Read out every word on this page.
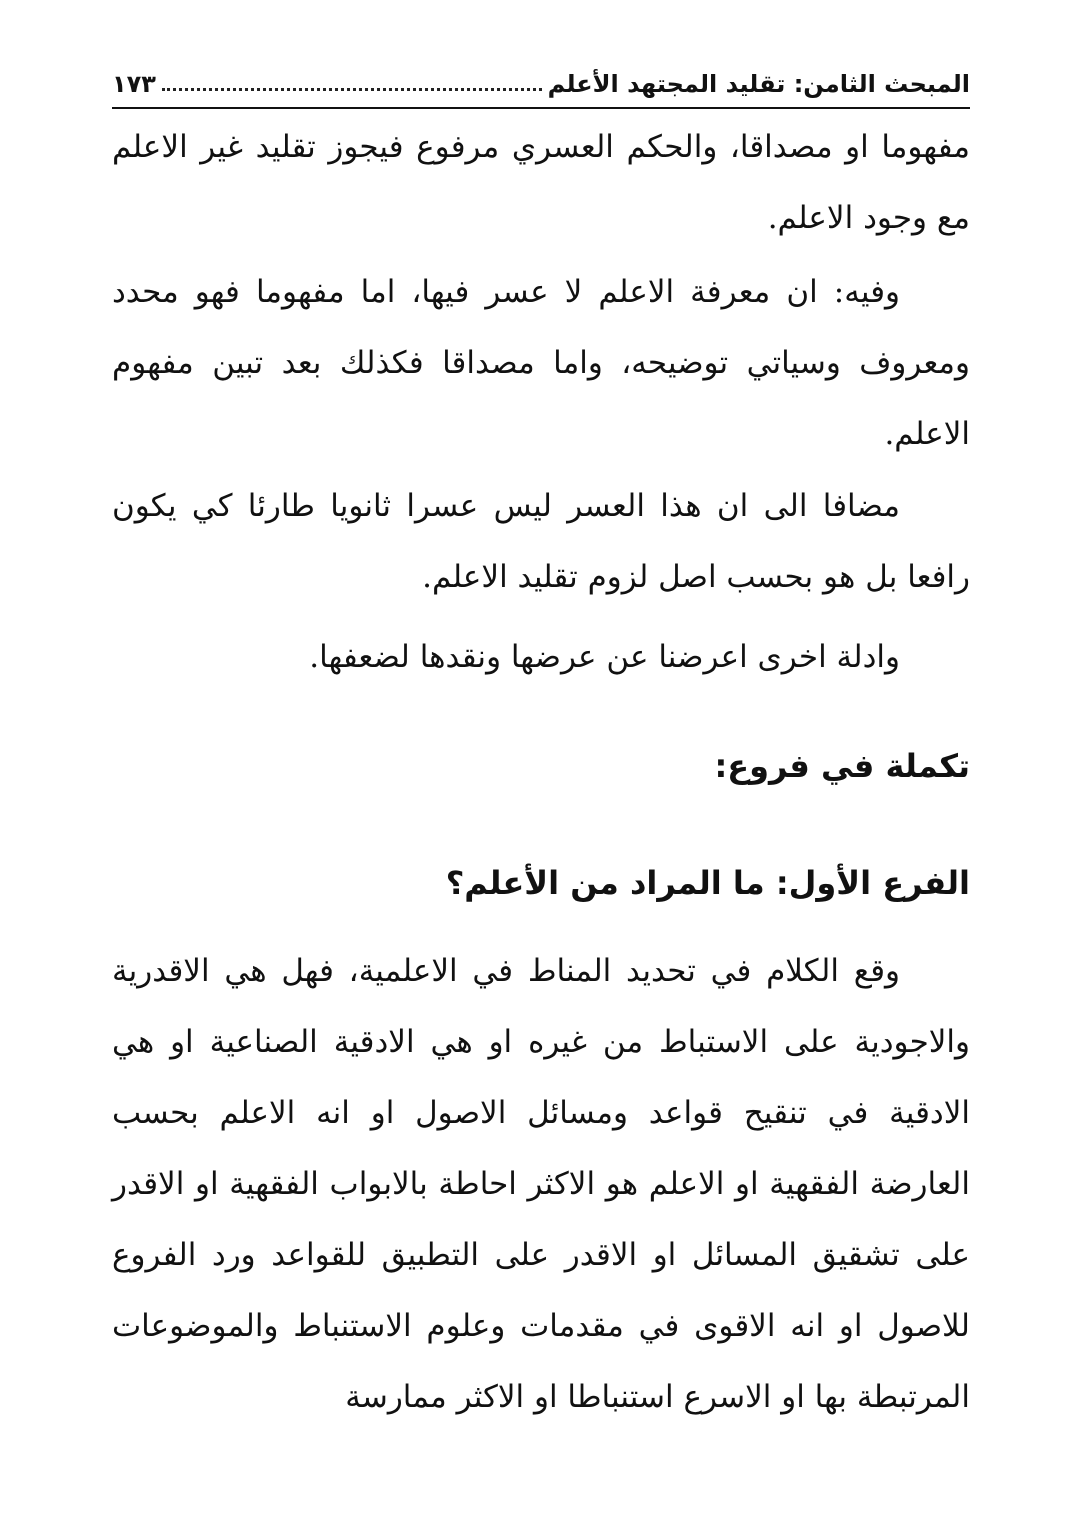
المبحث الثامن: تقليد المجتهد الأعلم
١٧٣

مفهوما او مصداقا، والحكم العسري مرفوع فيجوز تقليد غير الاعلم مع وجود الاعلم.

وفيه: ان معرفة الاعلم لا عسر فيها، اما مفهوما فهو محدد ومعروف وسياتي توضيحه، واما مصداقا فكذلك بعد تبين مفهوم الاعلم.

مضافا الى ان هذا العسر ليس عسرا ثانويا طارئا كي يكون رافعا بل هو بحسب اصل لزوم تقليد الاعلم.

وادلة اخرى اعرضنا عن عرضها ونقدها لضعفها.

تكملة في فروع:
الفرع الأول: ما المراد من الأعلم؟

وقع الكلام في تحديد المناط في الاعلمية، فهل هي الاقدرية والاجودية على الاستباط من غيره او هي الادقية الصناعية او هي الادقية في تنقيح قواعد ومسائل الاصول او انه الاعلم بحسب العارضة الفقهية او الاعلم هو الاكثر احاطة بالابواب الفقهية او الاقدر على تشقيق المسائل او الاقدر على التطبيق للقواعد ورد الفروع للاصول او انه الاقوى في مقدمات وعلوم الاستنباط والموضوعات المرتبطة بها او الاسرع استنباطا او الاكثر ممارسة
